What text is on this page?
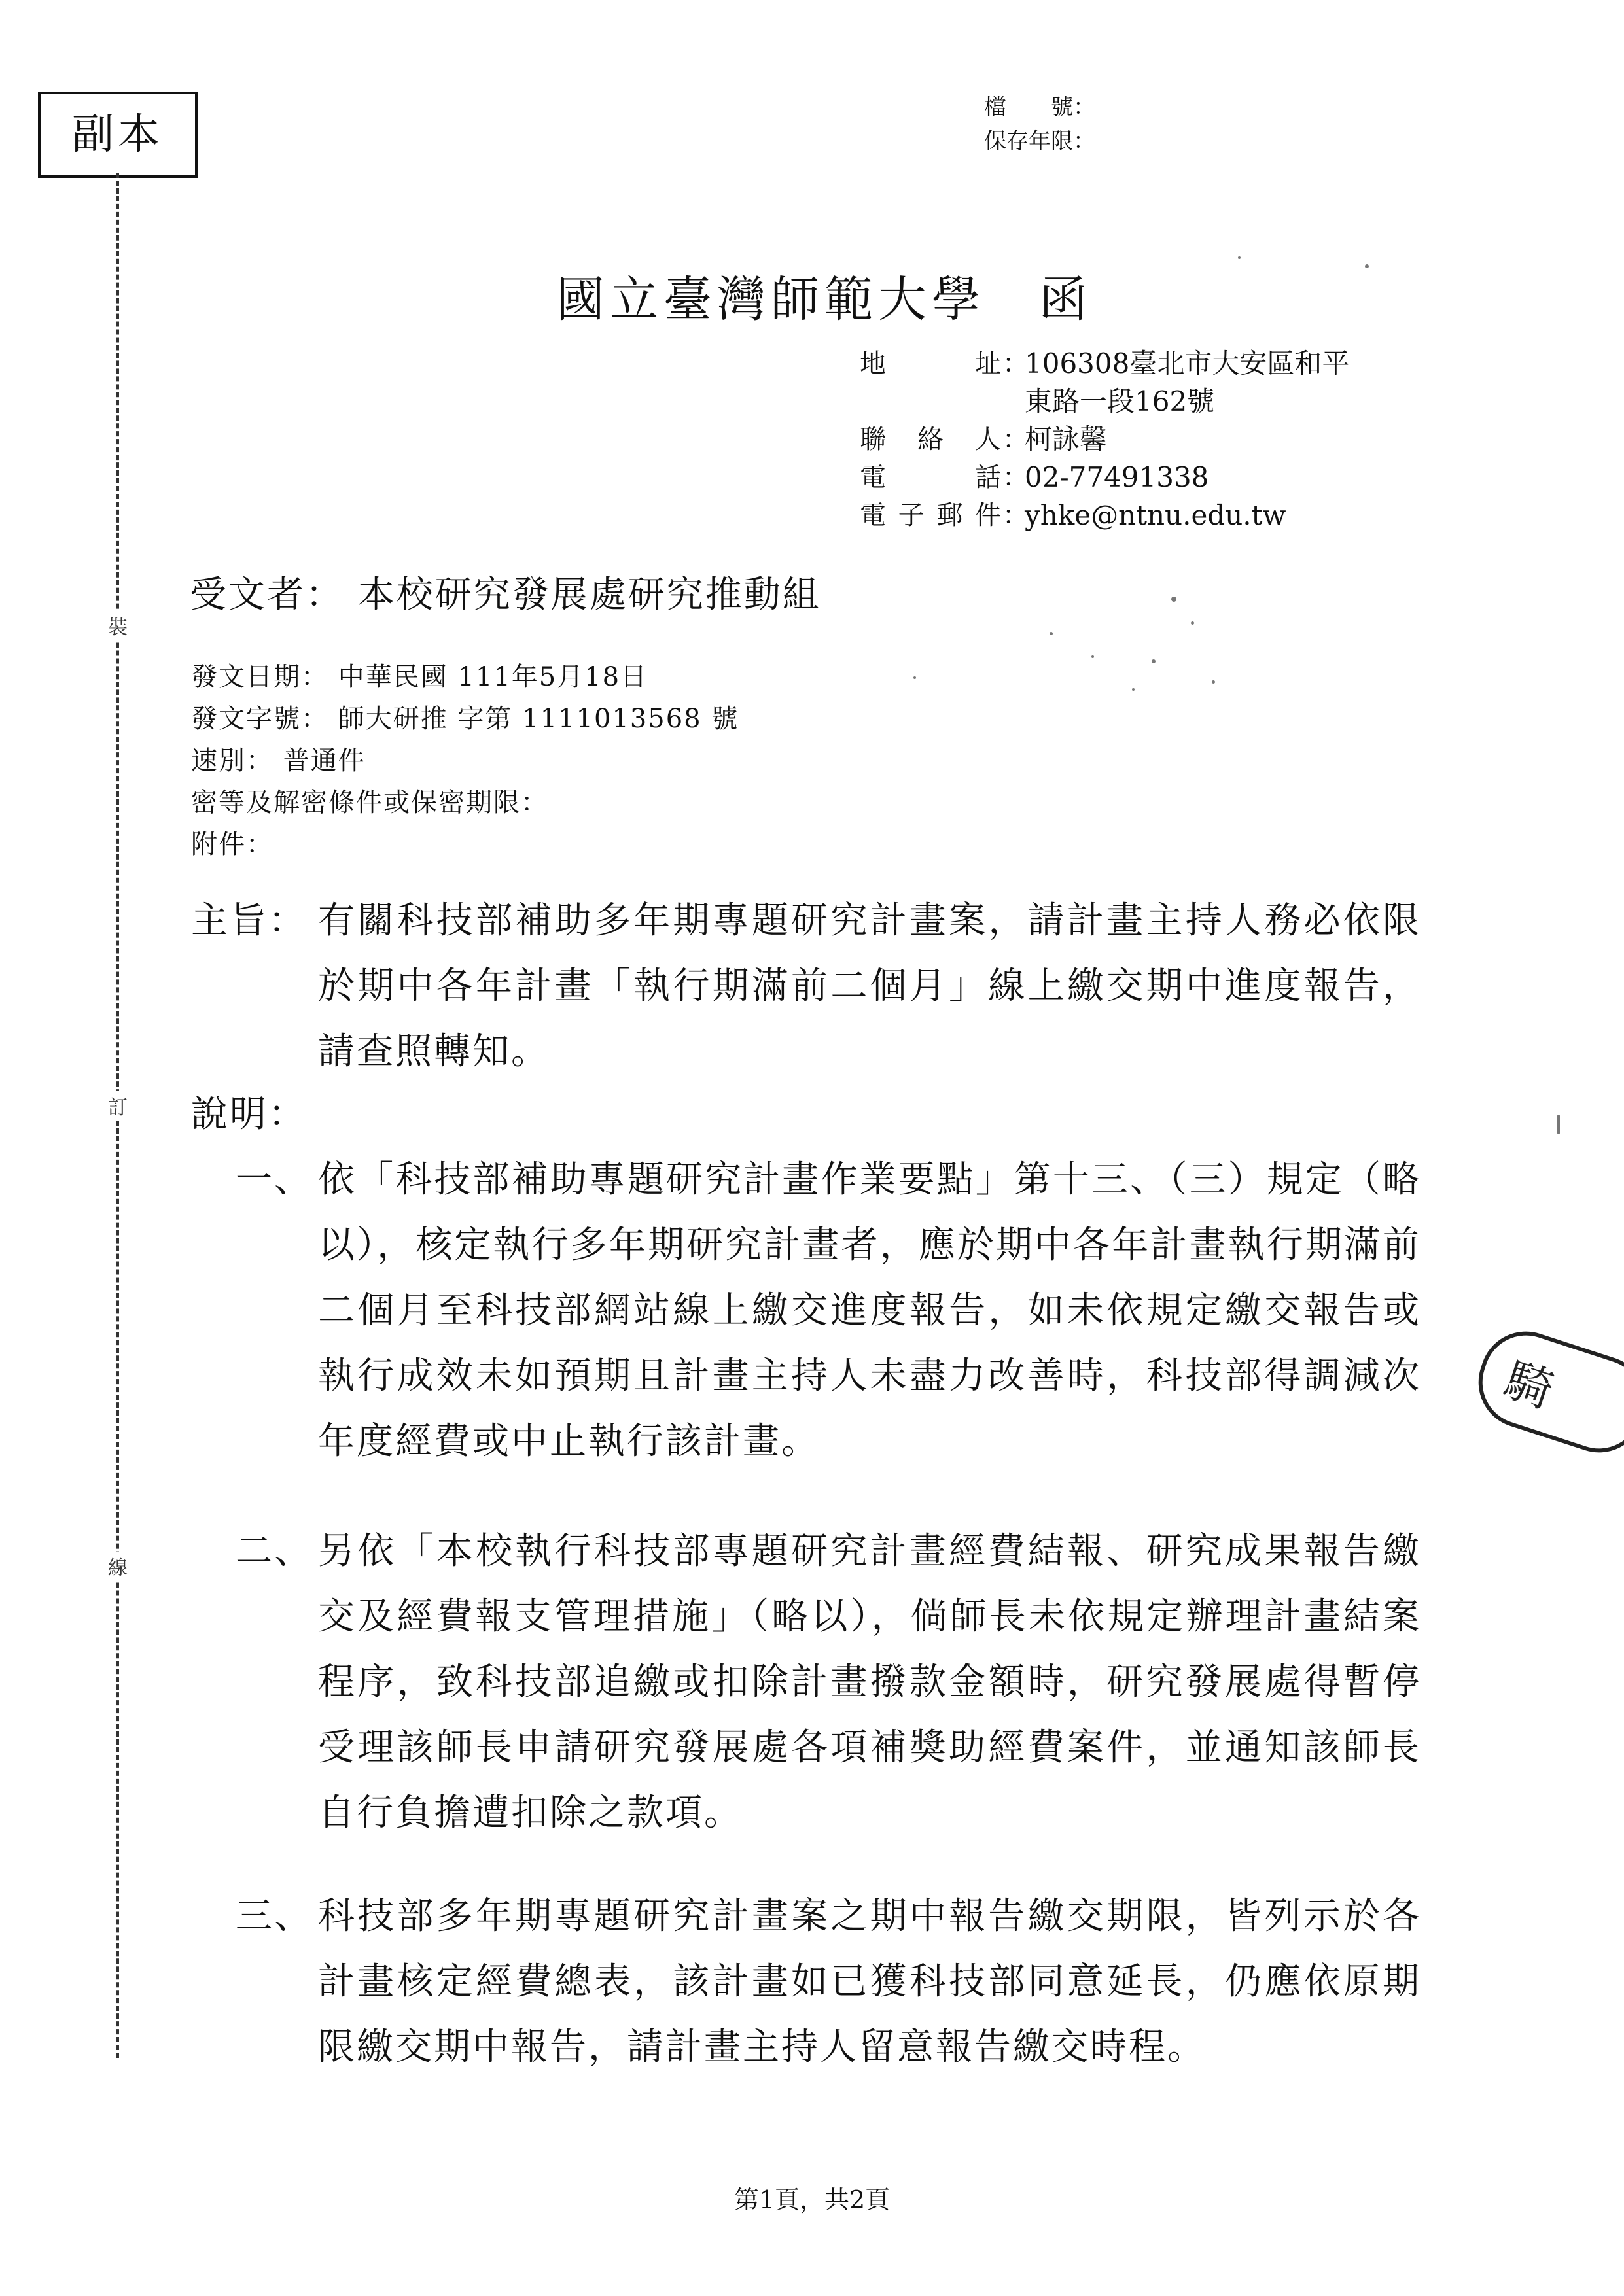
副本
裝
訂
線
檔　　號：
保存年限：
國立臺灣師範大學　函
地址 ：
106308臺北市大安區和平
東路一段162號
聯絡人 ：
柯詠馨
電話 ：
02-77491338
電子郵件 ：
yhke@ntnu.edu.tw
受文者： 本校研究發展處研究推動組
發文日期： 中華民國 111年5月18日
發文字號： 師大研推 字第 1111013568 號
速別： 普通件
密等及解密條件或保密期限：
附件：
主旨： 有關科技部補助多年期專題研究計畫案，請計畫主持人務必依限於期中各年計畫「執行期滿前二個月」線上繳交期中進度報告，請查照轉知。
說明：
一、 依「科技部補助專題研究計畫作業要點」第十三、（三）規定（略以），核定執行多年期研究計畫者，應於期中各年計畫執行期滿前二個月至科技部網站線上繳交進度報告，如未依規定繳交報告或執行成效未如預期且計畫主持人未盡力改善時，科技部得調減次年度經費或中止執行該計畫。
二、 另依「本校執行科技部專題研究計畫經費結報、研究成果報告繳交及經費報支管理措施」（略以），倘師長未依規定辦理計畫結案程序，致科技部追繳或扣除計畫撥款金額時，研究發展處得暫停受理該師長申請研究發展處各項補獎助經費案件，並通知該師長自行負擔遭扣除之款項。
三、 科技部多年期專題研究計畫案之期中報告繳交期限，皆列示於各計畫核定經費總表，該計畫如已獲科技部同意延長，仍應依原期限繳交期中報告，請計畫主持人留意報告繳交時程。
騎
第1頁，共2頁
